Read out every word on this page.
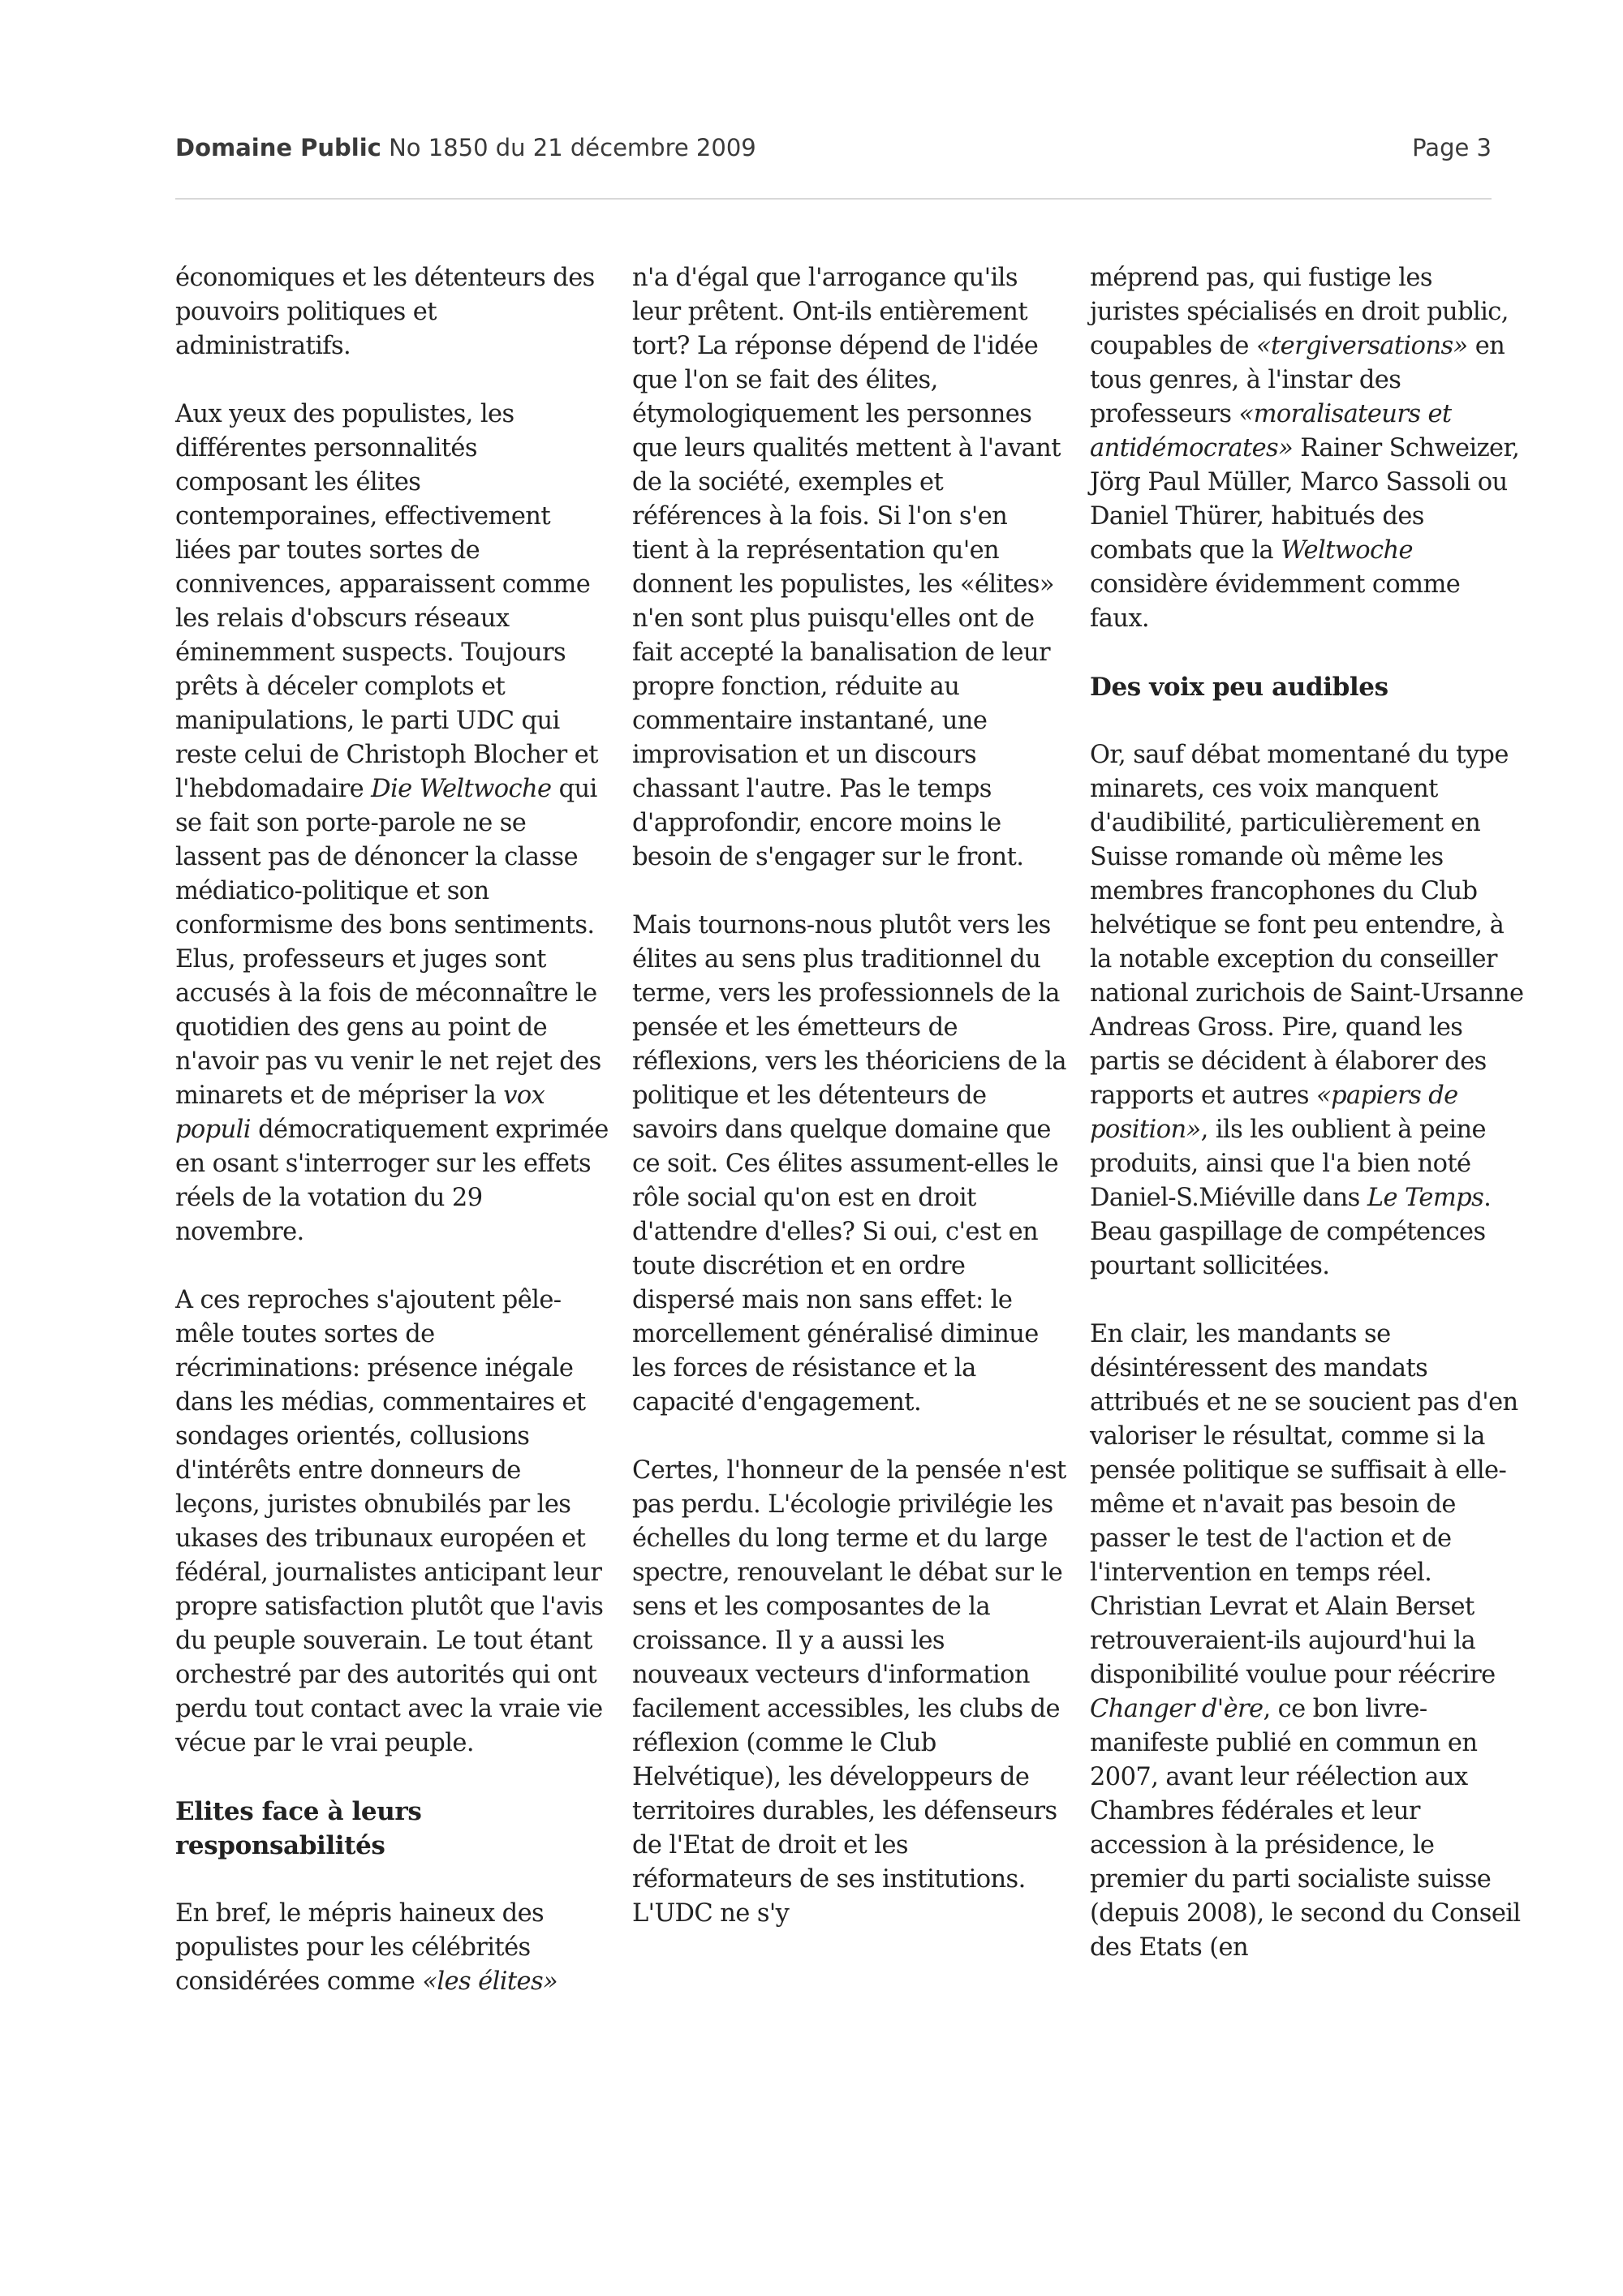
Domaine Public No 1850 du 21 décembre 2009	Page 3

économiques et les détenteurs des pouvoirs politiques et administratifs.

Aux yeux des populistes, les différentes personnalités composant les élites contemporaines, effectivement liées par toutes sortes de connivences, apparaissent comme les relais d'obscurs réseaux éminemment suspects. Toujours prêts à déceler complots et manipulations, le parti UDC qui reste celui de Christoph Blocher et l'hebdomadaire Die Weltwoche qui se fait son porte-parole ne se lassent pas de dénoncer la classe médiatico-politique et son conformisme des bons sentiments. Elus, professeurs et juges sont accusés à la fois de méconnaître le quotidien des gens au point de n'avoir pas vu venir le net rejet des minarets et de mépriser la vox populi démocratiquement exprimée en osant s'interroger sur les effets réels de la votation du 29 novembre.

A ces reproches s'ajoutent pêle-mêle toutes sortes de récriminations: présence inégale dans les médias, commentaires et sondages orientés, collusions d'intérêts entre donneurs de leçons, juristes obnubilés par les ukases des tribunaux européen et fédéral, journalistes anticipant leur propre satisfaction plutôt que l'avis du peuple souverain. Le tout étant orchestré par des autorités qui ont perdu tout contact avec la vraie vie vécue par le vrai peuple.

Elites face à leurs responsabilités

En bref, le mépris haineux des populistes pour les célébrités considérées comme «les élites»

n'a d'égal que l'arrogance qu'ils leur prêtent. Ont-ils entièrement tort? La réponse dépend de l'idée que l'on se fait des élites, étymologiquement les personnes que leurs qualités mettent à l'avant de la société, exemples et références à la fois. Si l'on s'en tient à la représentation qu'en donnent les populistes, les «élites» n'en sont plus puisqu'elles ont de fait accepté la banalisation de leur propre fonction, réduite au commentaire instantané, une improvisation et un discours chassant l'autre. Pas le temps d'approfondir, encore moins le besoin de s'engager sur le front.

Mais tournons-nous plutôt vers les élites au sens plus traditionnel du terme, vers les professionnels de la pensée et les émetteurs de réflexions, vers les théoriciens de la politique et les détenteurs de savoirs dans quelque domaine que ce soit. Ces élites assument-elles le rôle social qu'on est en droit d'attendre d'elles? Si oui, c'est en toute discrétion et en ordre dispersé mais non sans effet: le morcellement généralisé diminue les forces de résistance et la capacité d'engagement.

Certes, l'honneur de la pensée n'est pas perdu. L'écologie privilégie les échelles du long terme et du large spectre, renouvelant le débat sur le sens et les composantes de la croissance. Il y a aussi les nouveaux vecteurs d'information facilement accessibles, les clubs de réflexion (comme le Club Helvétique), les développeurs de territoires durables, les défenseurs de l'Etat de droit et les réformateurs de ses institutions. L'UDC ne s'y

méprend pas, qui fustige les juristes spécialisés en droit public, coupables de «tergiversations» en tous genres, à l'instar des professeurs «moralisateurs et antidémocrates» Rainer Schweizer, Jörg Paul Müller, Marco Sassoli ou Daniel Thürer, habitués des combats que la Weltwoche considère évidemment comme faux.

Des voix peu audibles

Or, sauf débat momentané du type minarets, ces voix manquent d'audibilité, particulièrement en Suisse romande où même les membres francophones du Club helvétique se font peu entendre, à la notable exception du conseiller national zurichois de Saint-Ursanne Andreas Gross. Pire, quand les partis se décident à élaborer des rapports et autres «papiers de position», ils les oublient à peine produits, ainsi que l'a bien noté Daniel-S.Miéville dans Le Temps. Beau gaspillage de compétences pourtant sollicitées.

En clair, les mandants se désintéressent des mandats attribués et ne se soucient pas d'en valoriser le résultat, comme si la pensée politique se suffisait à elle-même et n'avait pas besoin de passer le test de l'action et de l'intervention en temps réel. Christian Levrat et Alain Berset retrouveraient-ils aujourd'hui la disponibilité voulue pour réécrire Changer d'ère, ce bon livre-manifeste publié en commun en 2007, avant leur réélection aux Chambres fédérales et leur accession à la présidence, le premier du parti socialiste suisse (depuis 2008), le second du Conseil des Etats (en
